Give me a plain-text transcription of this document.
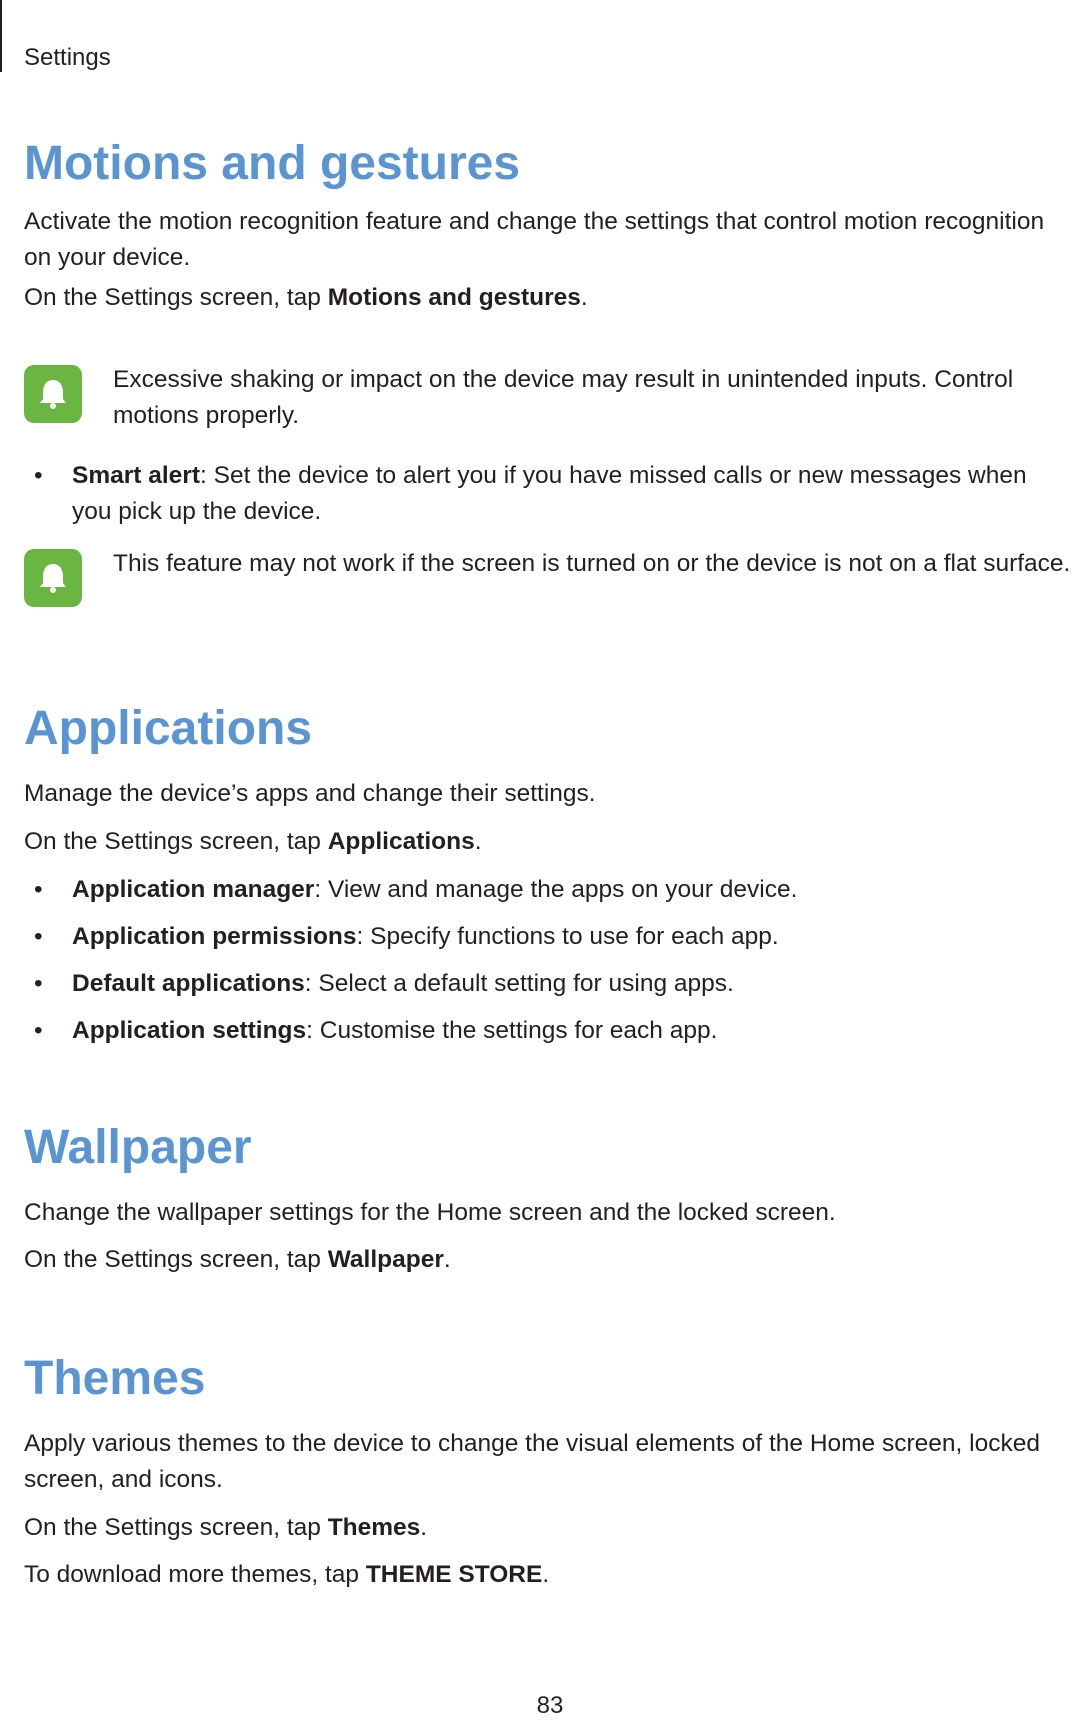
Settings
Motions and gestures

Activate the motion recognition feature and change the settings that control motion recognition on your device.

On the Settings screen, tap Motions and gestures.

Excessive shaking or impact on the device may result in unintended inputs. Control motions properly.
• Smart alert: Set the device to alert you if you have missed calls or new messages when you pick up the device.
This feature may not work if the screen is turned on or the device is not on a flat surface.
Applications

Manage the device’s apps and change their settings.

On the Settings screen, tap Applications.

• Application manager: View and manage the apps on your device.
• Application permissions: Specify functions to use for each app.
• Default applications: Select a default setting for using apps.
• Application settings: Customise the settings for each app.
Wallpaper

Change the wallpaper settings for the Home screen and the locked screen.

On the Settings screen, tap Wallpaper.

Themes

Apply various themes to the device to change the visual elements of the Home screen, locked screen, and icons.

On the Settings screen, tap Themes.

To download more themes, tap THEME STORE.

83
